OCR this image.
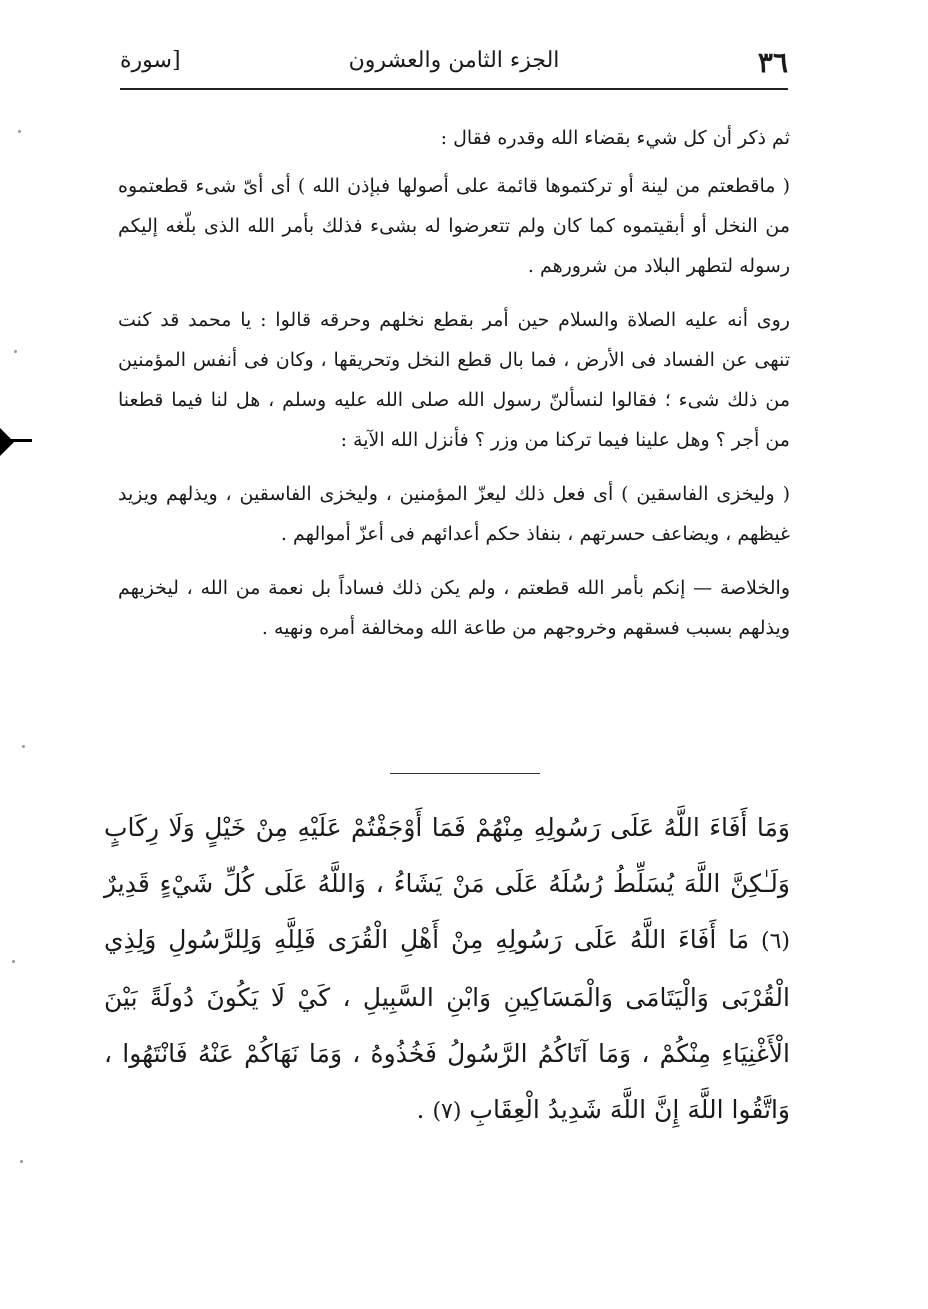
٣٦
الجزء الثامن والعشرون
[سورة

ثم ذكر أن كل شيء بقضاء الله وقدره فقال :

( ماقطعتم من لينة أو تركتموها قائمة على أصولها فبإذن الله ) أى أىّ شىء قطعتموه من النخل أو أبقيتموه كما كان ولم تتعرضوا له بشىء فذلك بأمر الله الذى بلّغه إليكم رسوله لتطهر البلاد من شرورهم .

روى أنه عليه الصلاة والسلام حين أمر بقطع نخلهم وحرقه قالوا : يا محمد قد كنت تنهى عن الفساد فى الأرض ، فما بال قطع النخل وتحريقها ، وكان فى أنفس المؤمنين من ذلك شىء ؛ فقالوا لنسألنّ رسول الله صلى الله عليه وسلم ، هل لنا فيما قطعنا من أجر ؟ وهل علينا فيما تركنا من وزر ؟ فأنزل الله الآية :

( وليخزى الفاسقين ) أى فعل ذلك ليعزّ المؤمنين ، وليخزى الفاسقين ، ويذلهم ويزيد غيظهم ، ويضاعف حسرتهم ، بنفاذ حكم أعدائهم فى أعزّ أموالهم .

والخلاصة — إنكم بأمر الله قطعتم ، ولم يكن ذلك فساداً بل نعمة من الله ، ليخزيهم ويذلهم بسبب فسقهم وخروجهم من طاعة الله ومخالفة أمره ونهيه .

وَمَا أَفَاءَ اللَّهُ عَلَى رَسُولِهِ مِنْهُمْ فَمَا أَوْجَفْتُمْ عَلَيْهِ مِنْ خَيْلٍ وَلَا رِكَابٍ وَلَـٰكِنَّ اللَّهَ يُسَلِّطُ رُسُلَهُ عَلَى مَنْ يَشَاءُ ، وَاللَّهُ عَلَى كُلِّ شَيْءٍ قَدِيرٌ (٦) مَا أَفَاءَ اللَّهُ عَلَى رَسُولِهِ مِنْ أَهْلِ الْقُرَى فَلِلَّهِ وَلِلرَّسُولِ وَلِذِي الْقُرْبَى وَالْيَتَامَى وَالْمَسَاكِينِ وَابْنِ السَّبِيلِ ، كَيْ لَا يَكُونَ دُولَةً بَيْنَ الْأَغْنِيَاءِ مِنْكُمْ ، وَمَا آتَاكُمُ الرَّسُولُ فَخُذُوهُ ، وَمَا نَهَاكُمْ عَنْهُ فَانْتَهُوا ، وَاتَّقُوا اللَّهَ إِنَّ اللَّهَ شَدِيدُ الْعِقَابِ (٧) .
